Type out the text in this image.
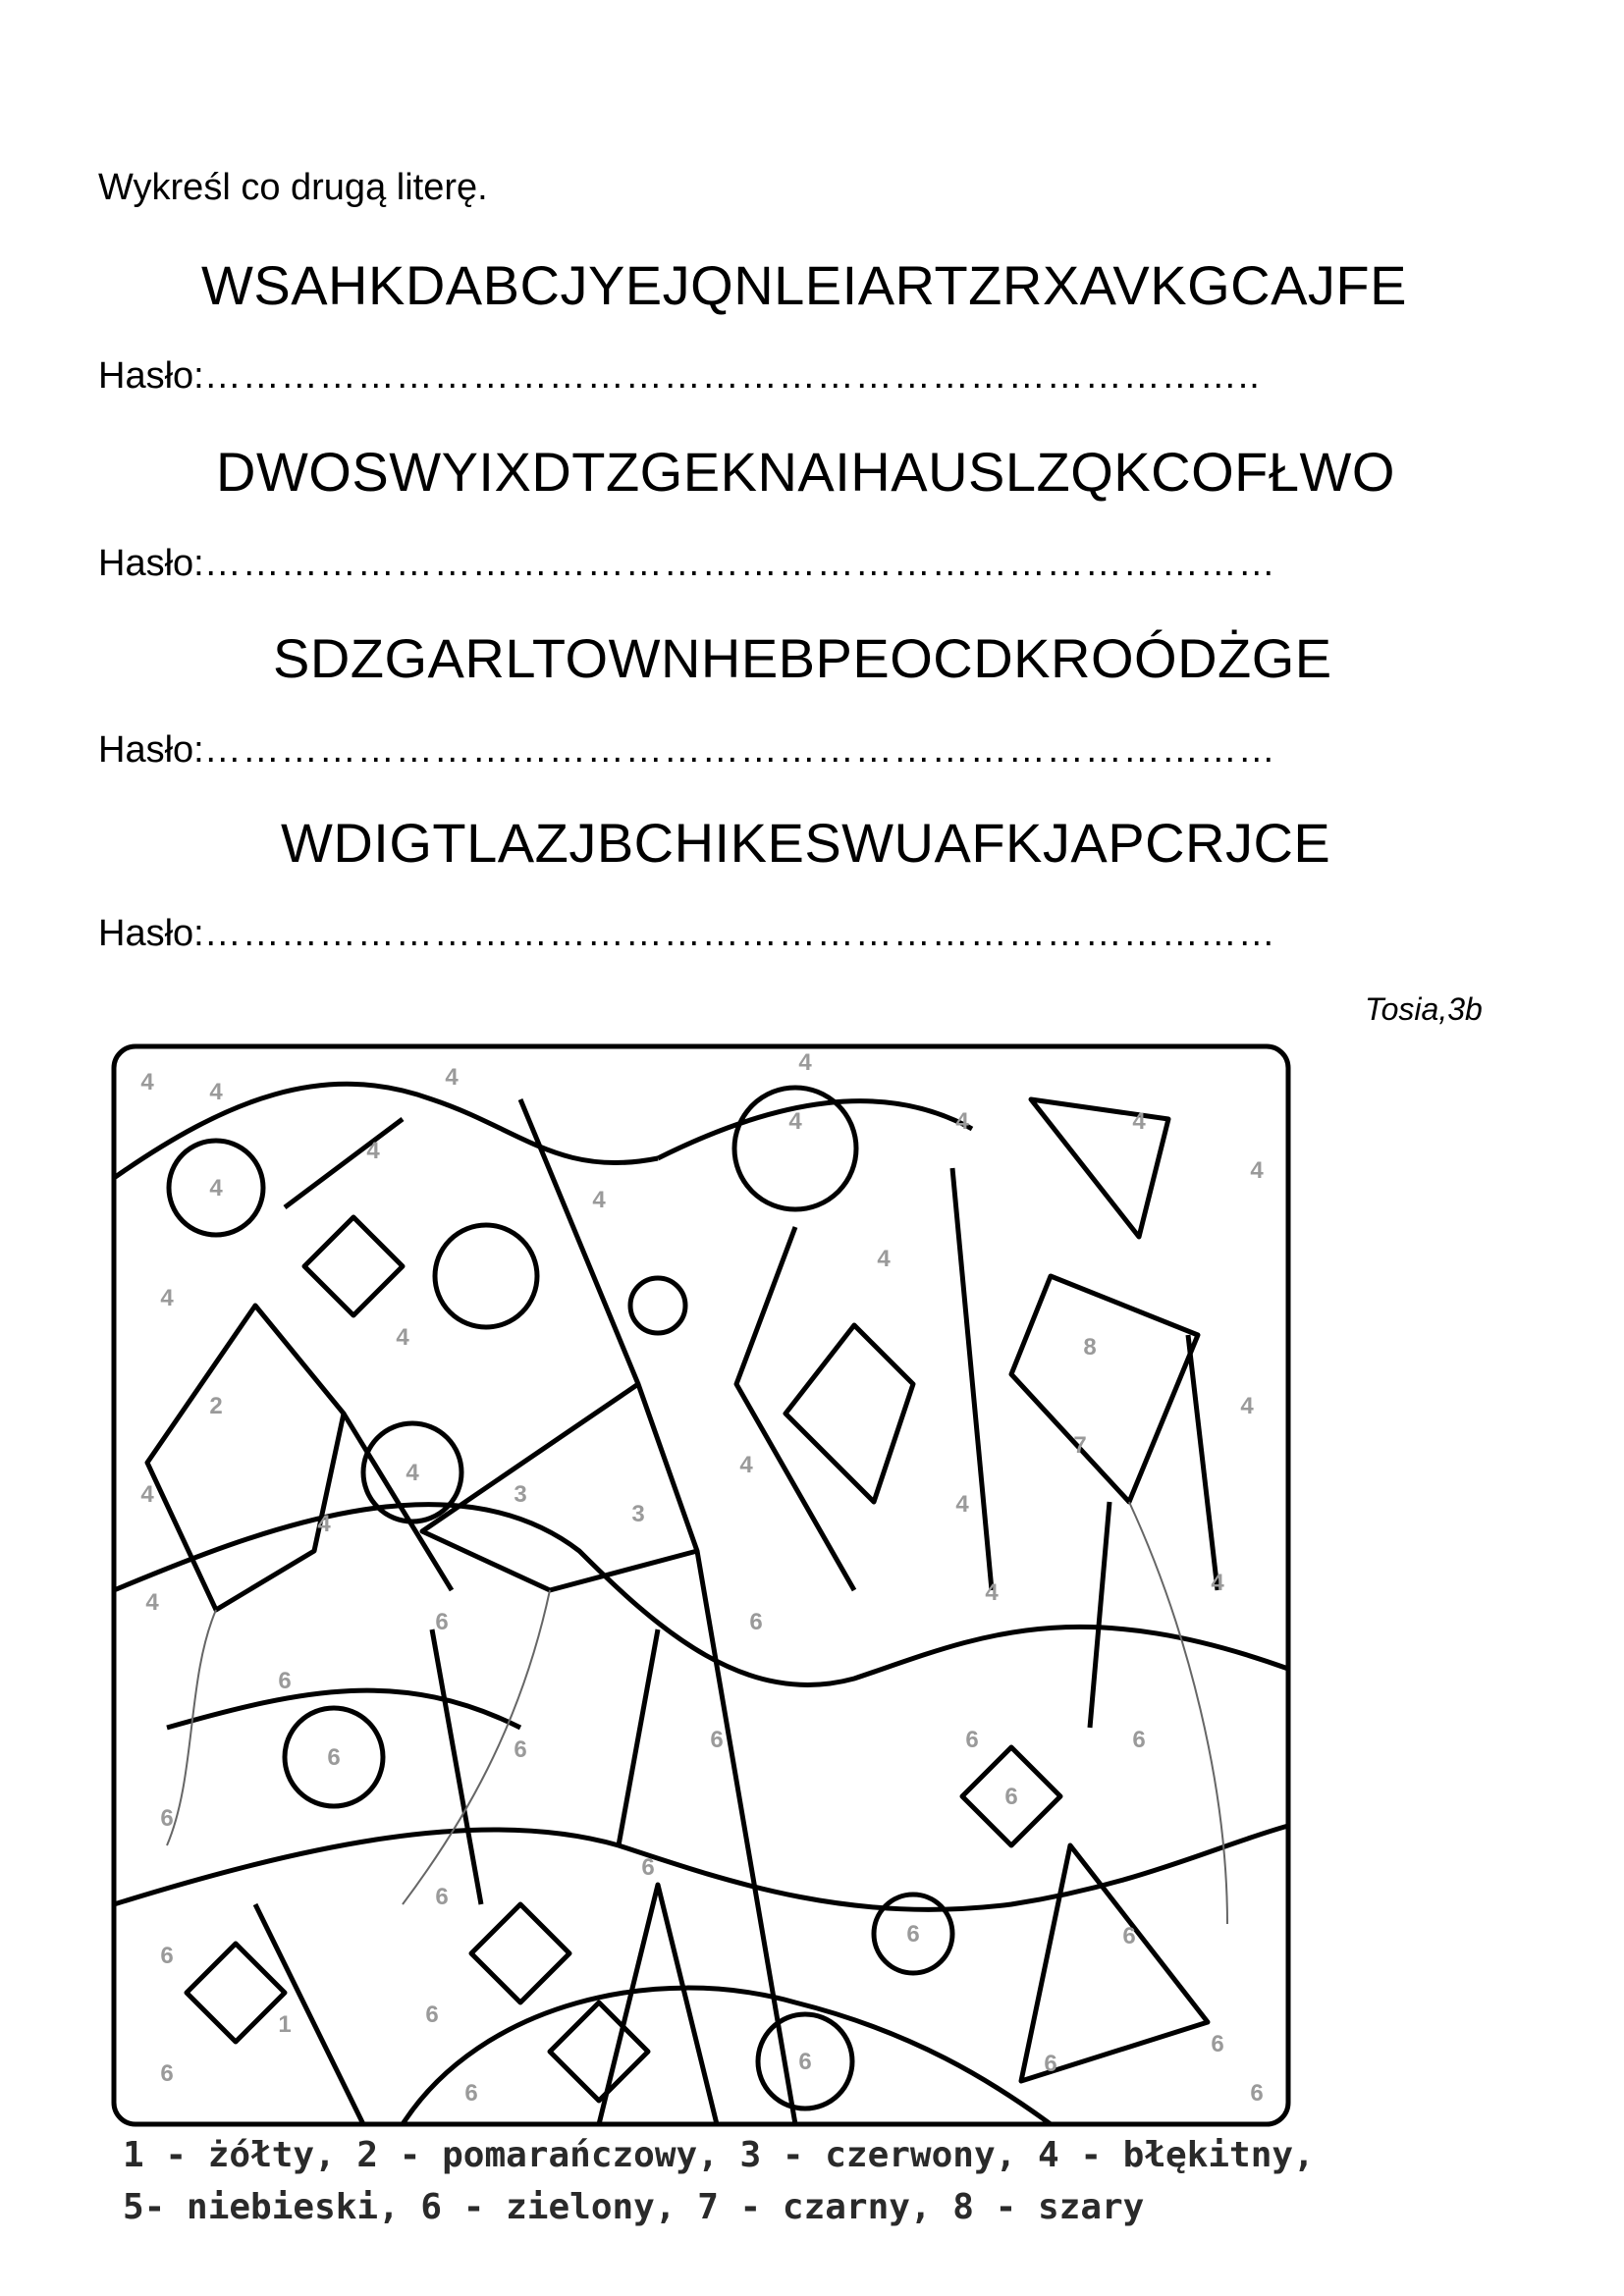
Wykreśl co drugą literę.
WSAHKDABCJYEJQNLEIARTZRXAVKGCAJFE
Hasło:………………………………………………………………………..
DWOSWYIXDTZGEKNAIHAUSLZQKCOFŁWO
Hasło:…………………………………………………………………………
SDZGARLTOWNHEBPEOCDKROÓDŻGE
Hasło:…………………………………………………………………………
WDIGTLAZJBCHIKESWUAFKJAPCRJCE
Hasło:…………………………………………………………………………
Tosia,3b
4 4
4
4
4
4
4	4	4
4
4
4
4
4
4
4
4
4
4
4
4
4
4
1
3
3
2
8
7
6
6
6	6	6
6
6
6
6
6
6
6
6
6
6
6
6	6
6
6
6	6
1 - żółty, 2 - pomarańczowy, 3 - czerwony, 4 - błękitny,
5- niebieski, 6 - zielony, 7 - czarny, 8 - szary
